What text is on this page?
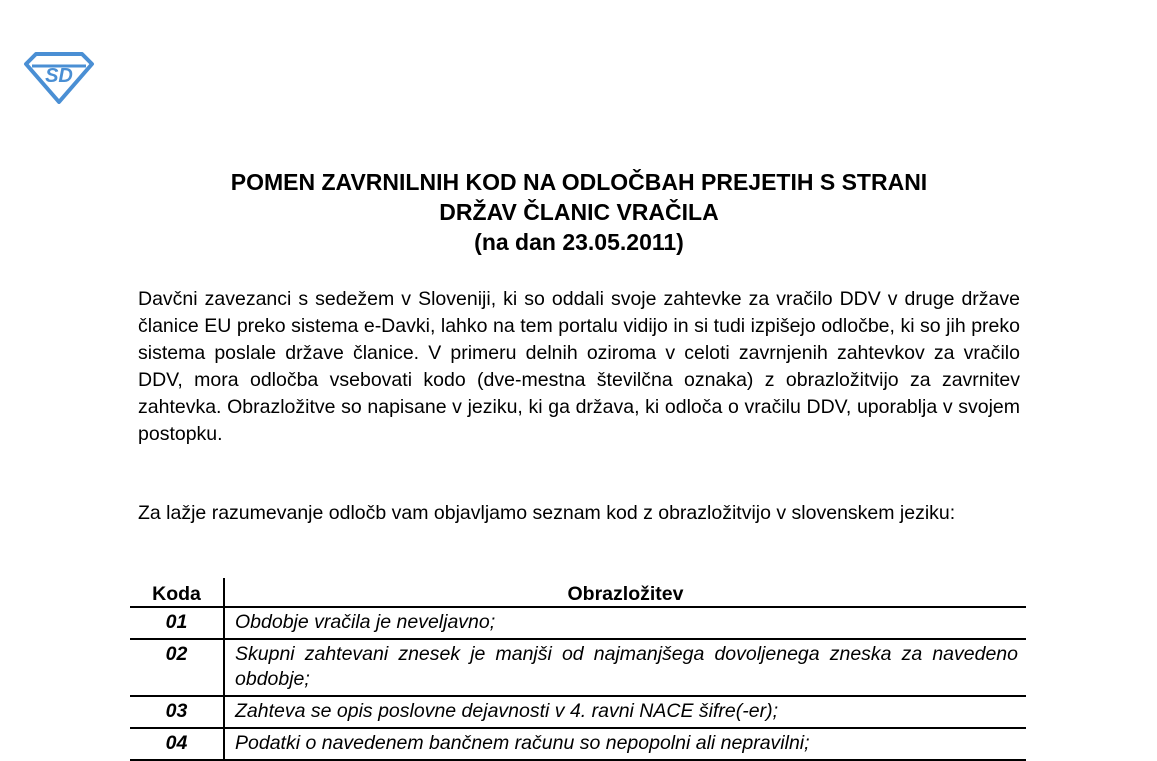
SD
POMEN ZAVRNILNIH KOD NA ODLOČBAH PREJETIH S STRANI
DRŽAV ČLANIC VRAČILA
(na dan 23.05.2011)
Davčni zavezanci s sedežem v Sloveniji, ki so oddali svoje zahtevke za vračilo DDV v druge države članice EU preko sistema e-Davki, lahko na tem portalu vidijo in si tudi izpišejo odločbe, ki so jih preko sistema poslale države članice. V primeru delnih oziroma v celoti zavrnjenih zahtevkov za vračilo DDV, mora odločba vsebovati kodo (dve-mestna številčna oznaka) z obrazložitvijo za zavrnitev zahtevka. Obrazložitve so napisane v jeziku, ki ga država, ki odloča o vračilu DDV, uporablja v svojem postopku.
Za lažje razumevanje odločb vam objavljamo seznam kod z obrazložitvijo v slovenskem jeziku:
Koda	Obrazložitev
01	Obdobje vračila je neveljavno;
02	Skupni zahtevani znesek je manjši od najmanjšega dovoljenega zneska za navedeno obdobje;
03	Zahteva se opis poslovne dejavnosti v 4. ravni NACE šifre(-er);
04	Podatki o navedenem bančnem računu so nepopolni ali nepravilni;
